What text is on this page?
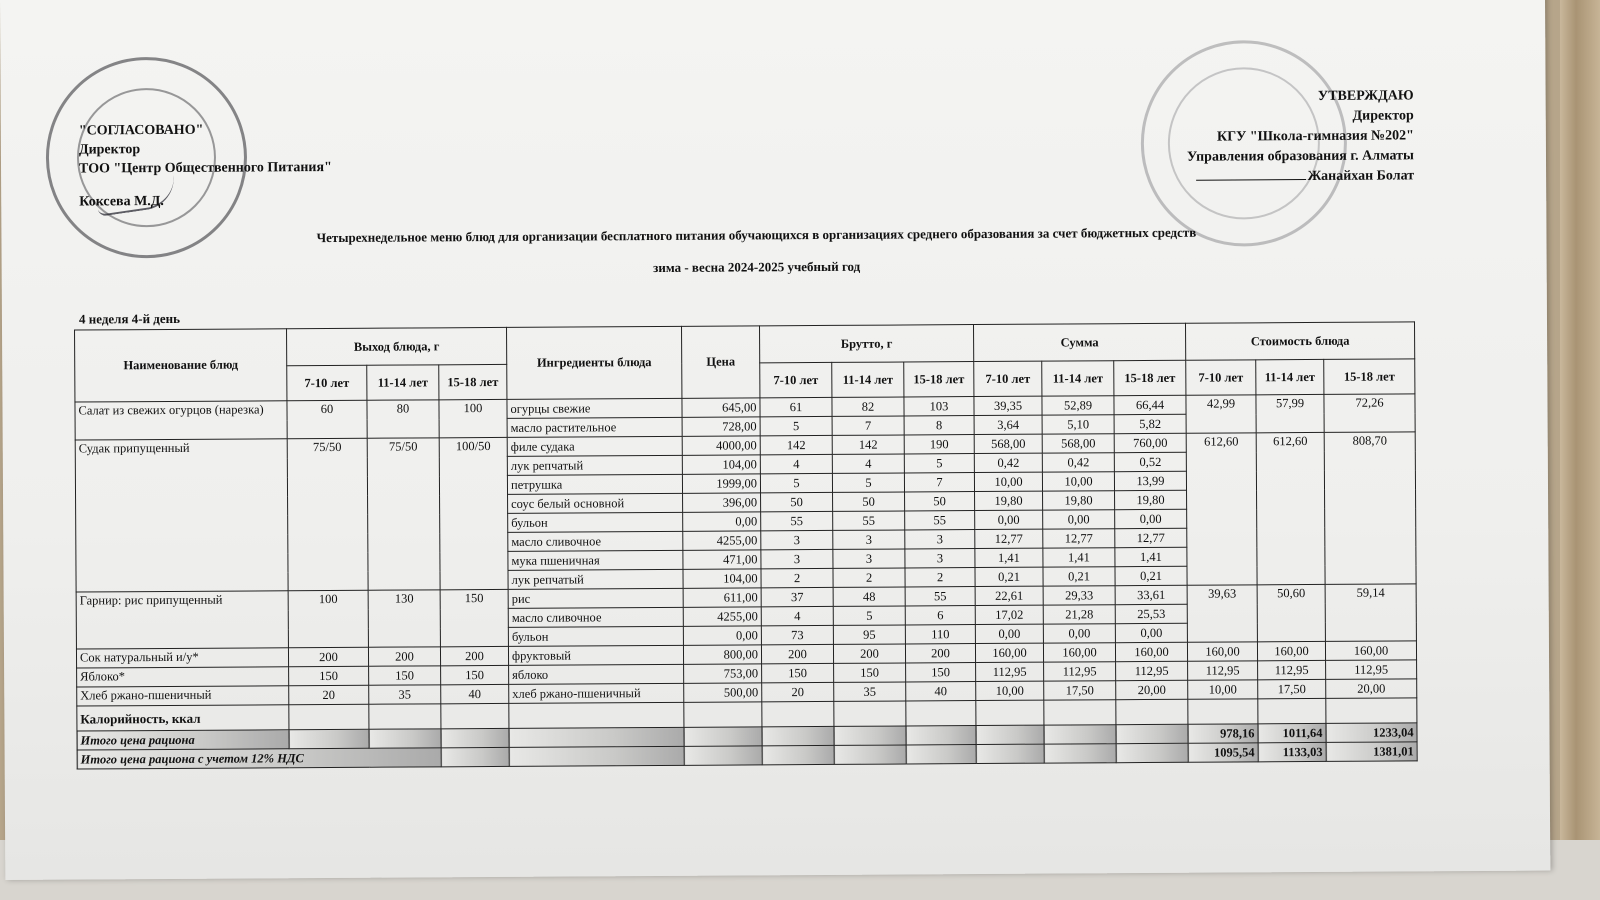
"СОГЛАСОВАНО"
Директор
ТОО "Центр Общественного Питания"
Коксева М.Д.
УТВЕРЖДАЮ
Директор
КГУ "Школа-гимназия №202"
Управления образования г. Алматы
Жанайхан Болат
Четырехнедельное меню блюд для организации бесплатного питания обучающихся в организациях среднего образования за счет бюджетных средств
зима - весна 2024-2025 учебный год
4 неделя 4-й день
Наименование блюд	Выход блюда, г			Ингредиенты блюда	Цена	Брутто, г			Сумма			Стоимость блюда		
	7-10 лет	11-14 лет	15-18 лет			7-10 лет	11-14 лет	15-18 лет	7-10 лет	11-14 лет	15-18 лет	7-10 лет	11-14 лет	15-18 лет
Салат из свежих огурцов (нарезка)	60	80	100	огурцы свежие	645,00	61	82	103	39,35	52,89	66,44	42,99	57,99	72,26
				масло растительное	728,00	5	7	8	3,64	5,10	5,82			
Судак припущенный	75/50	75/50	100/50	филе судака	4000,00	142	142	190	568,00	568,00	760,00	612,60	612,60	808,70
				лук репчатый	104,00	4	4	5	0,42	0,42	0,52			
				петрушка	1999,00	5	5	7	10,00	10,00	13,99			
				соус белый основной	396,00	50	50	50	19,80	19,80	19,80			
				бульон	0,00	55	55	55	0,00	0,00	0,00			
				масло сливочное	4255,00	3	3	3	12,77	12,77	12,77			
				мука пшеничная	471,00	3	3	3	1,41	1,41	1,41			
				лук репчатый	104,00	2	2	2	0,21	0,21	0,21			
Гарнир: рис припущенный	100	130	150	рис	611,00	37	48	55	22,61	29,33	33,61	39,63	50,60	59,14
				масло сливочное	4255,00	4	5	6	17,02	21,28	25,53			
				бульон	0,00	73	95	110	0,00	0,00	0,00			
Сок натуральный и/у*	200	200	200	фруктовый	800,00	200	200	200	160,00	160,00	160,00	160,00	160,00	160,00
Яблоко*	150	150	150	яблоко	753,00	150	150	150	112,95	112,95	112,95	112,95	112,95	112,95
Хлеб ржано-пшеничный	20	35	40	хлеб ржано-пшеничный	500,00	20	35	40	10,00	17,50	20,00	10,00	17,50	20,00
Калорийность, ккал														
Итого цена рациона												978,16	1011,64	1233,04
Итого цена рациона с учетом 12% НДС												1095,54	1133,03	1381,01
